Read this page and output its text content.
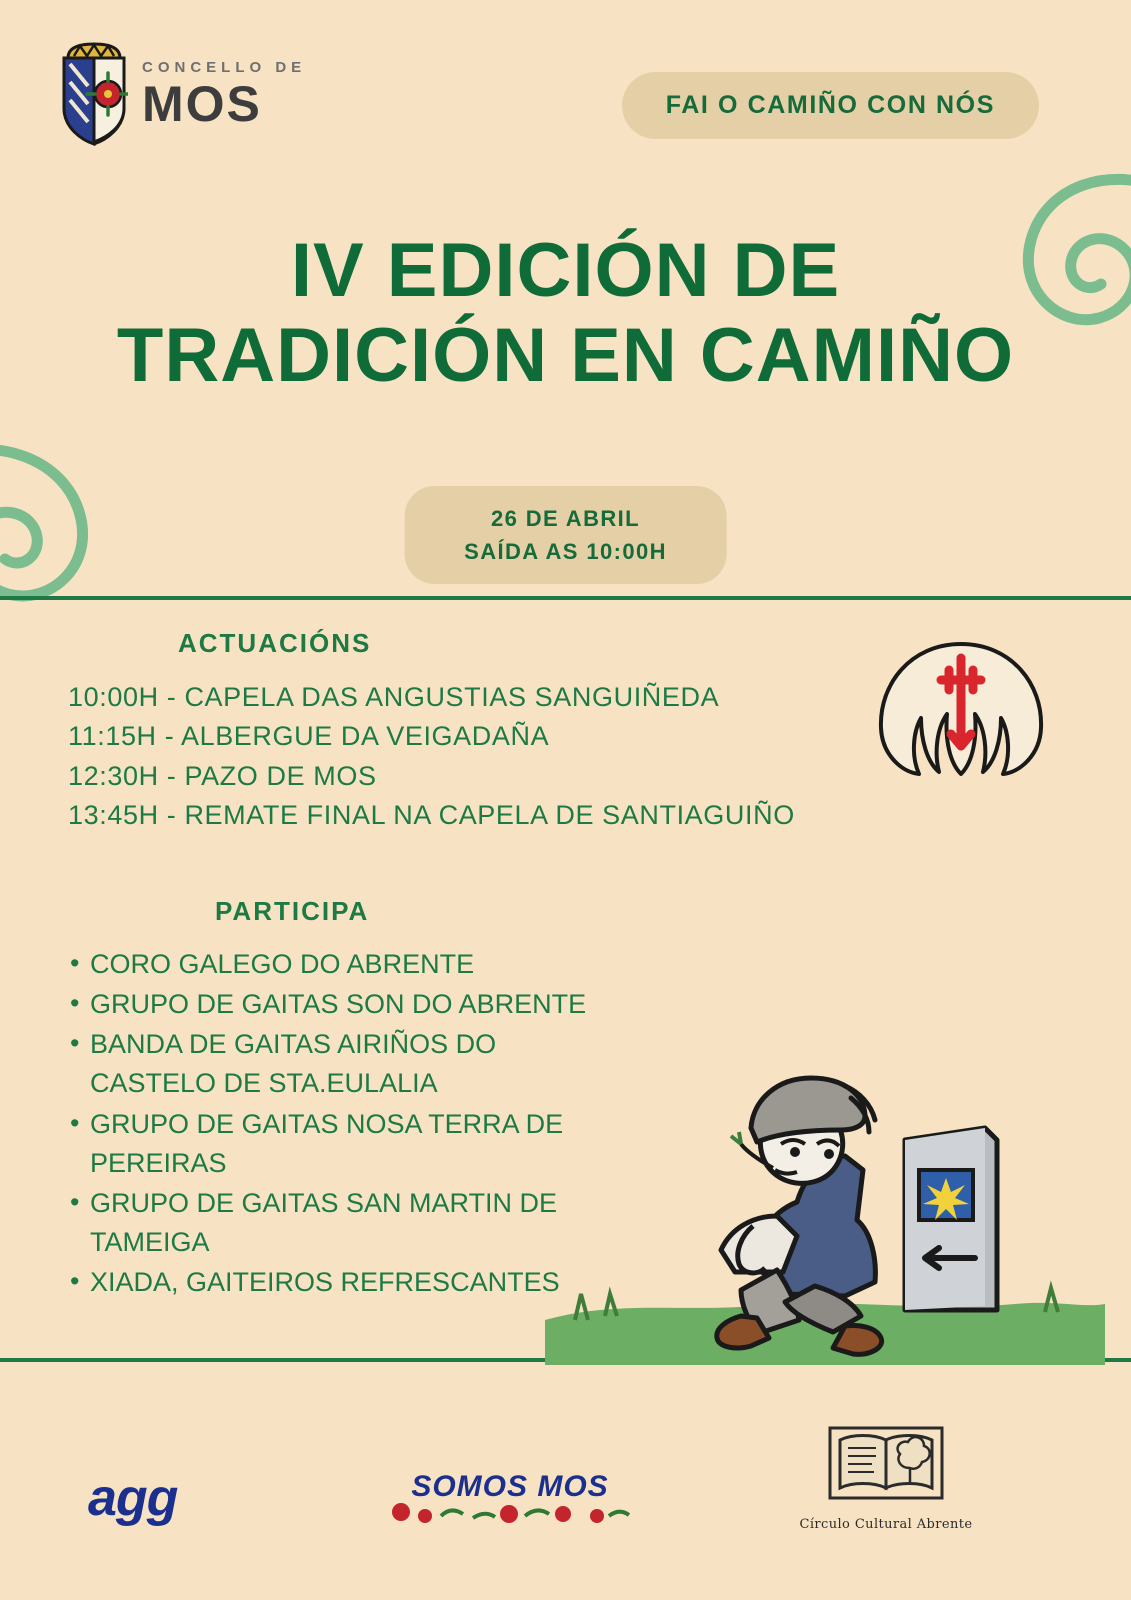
CONCELLO DE
MOS	FAI O CAMIÑO CON NÓS
IV EDICIÓN DE
TRADICIÓN EN CAMIÑO
26 DE ABRIL
SAÍDA AS 10:00H
ACTUACIÓNS
10:00H - CAPELA DAS ANGUSTIAS SANGUIÑEDA
11:15H - ALBERGUE DA VEIGADAÑA
12:30H - PAZO DE MOS
13:45H - REMATE FINAL NA CAPELA DE SANTIAGUIÑO
PARTICIPA
• CORO GALEGO DO ABRENTE
• GRUPO DE GAITAS SON DO ABRENTE
• BANDA DE GAITAS AIRIÑOS DO CASTELO DE STA.EULALIA
• GRUPO DE GAITAS NOSA TERRA DE PEREIRAS
• GRUPO DE GAITAS SAN MARTIN DE TAMEIGA
• XIADA, GAITEIROS REFRESCANTES
agg	SOMOS MOS
Círculo Cultural Abrente
